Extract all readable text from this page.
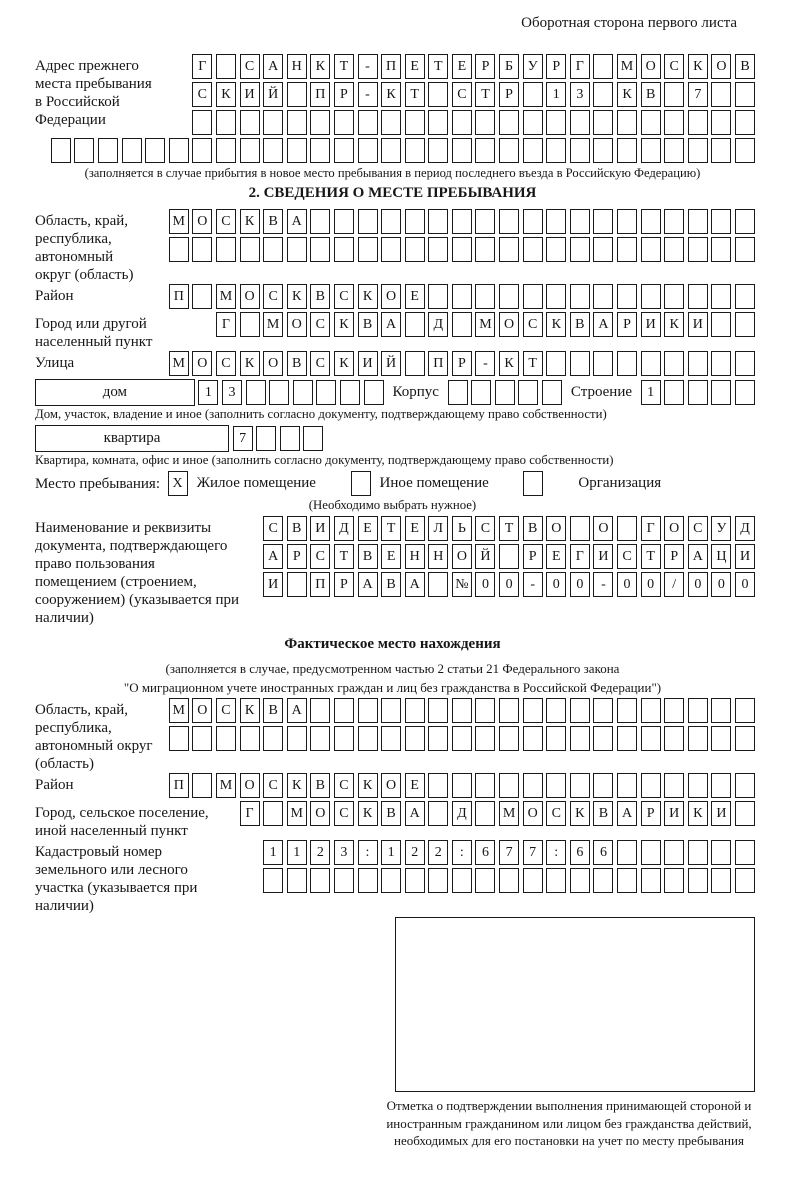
Оборотная сторона первого листа
Адрес прежнего места пребывания в Российской Федерации
Г	С А Н К	Т	-	П	Е	Т	Е	Р	Б	У	Р	Г	М О С	К О В
С	К И Й	П	Р	-	К	Т	С	Т	Р	1	3	К	В	7
(заполняется в случае прибытия в новое место пребывания в период последнего въезда в Российскую Федерацию)
2. СВЕДЕНИЯ О МЕСТЕ ПРЕБЫВАНИЯ
Область, край, республика, автономный округ (область)
М О С	К	В А
Район	П	М О С	К	В	С	К О	Е
Город или другой населенный пункт
Г	М О С	К	В А	Д	М О С	К	В А	Р	И К И
Улица	М О С	К О В	С	К И Й	П	Р	-	К	Т
дом	1	3	Корпус	Строение	1
Дом, участок, владение и иное (заполнить согласно документу, подтверждающему право собственности)
квартира	7
Квартира, комната, офис и иное (заполнить согласно документу, подтверждающему право собственности)
Место пребывания: X Жилое помещение	Иное помещение	Организация
(Необходимо выбрать нужное)
Наименование и реквизиты документа, подтверждающего право пользования помещением (строением, сооружением) (указывается при наличии)
С	В И Д	Е	Т	Е	Л	Ь	С	Т	В О	О	Г	О С У Д
А	Р	С	Т	В	Е	Н Н О Й	Р	Е	Г	И С	Т	Р	А Ц И
И	П	Р	А В А	№ 0	0	-	0	0	-	0	0	/	0	0	0
Фактическое место нахождения
(заполняется в случае, предусмотренном частью 2 статьи 21 Федерального закона
"О миграционном учете иностранных граждан и лиц без гражданства в Российской Федерации")
Область, край, республика, автономный округ (область)
М О С	К	В А
Район	П	М О С	К	В	С	К О	Е
Город, сельское поселение, иной населенный пункт
Г	М О С	К	В А	Д	М О С	К	В А	Р	И К И
Кадастровый номер земельного или лесного участка (указывается при наличии)
1	1	2	3	:	1	2	2	:	6	7	7	:	6	6
Отметка о подтверждении выполнения принимающей стороной и иностранным гражданином или лицом без гражданства действий, необходимых для его постановки на учет по месту пребывания
